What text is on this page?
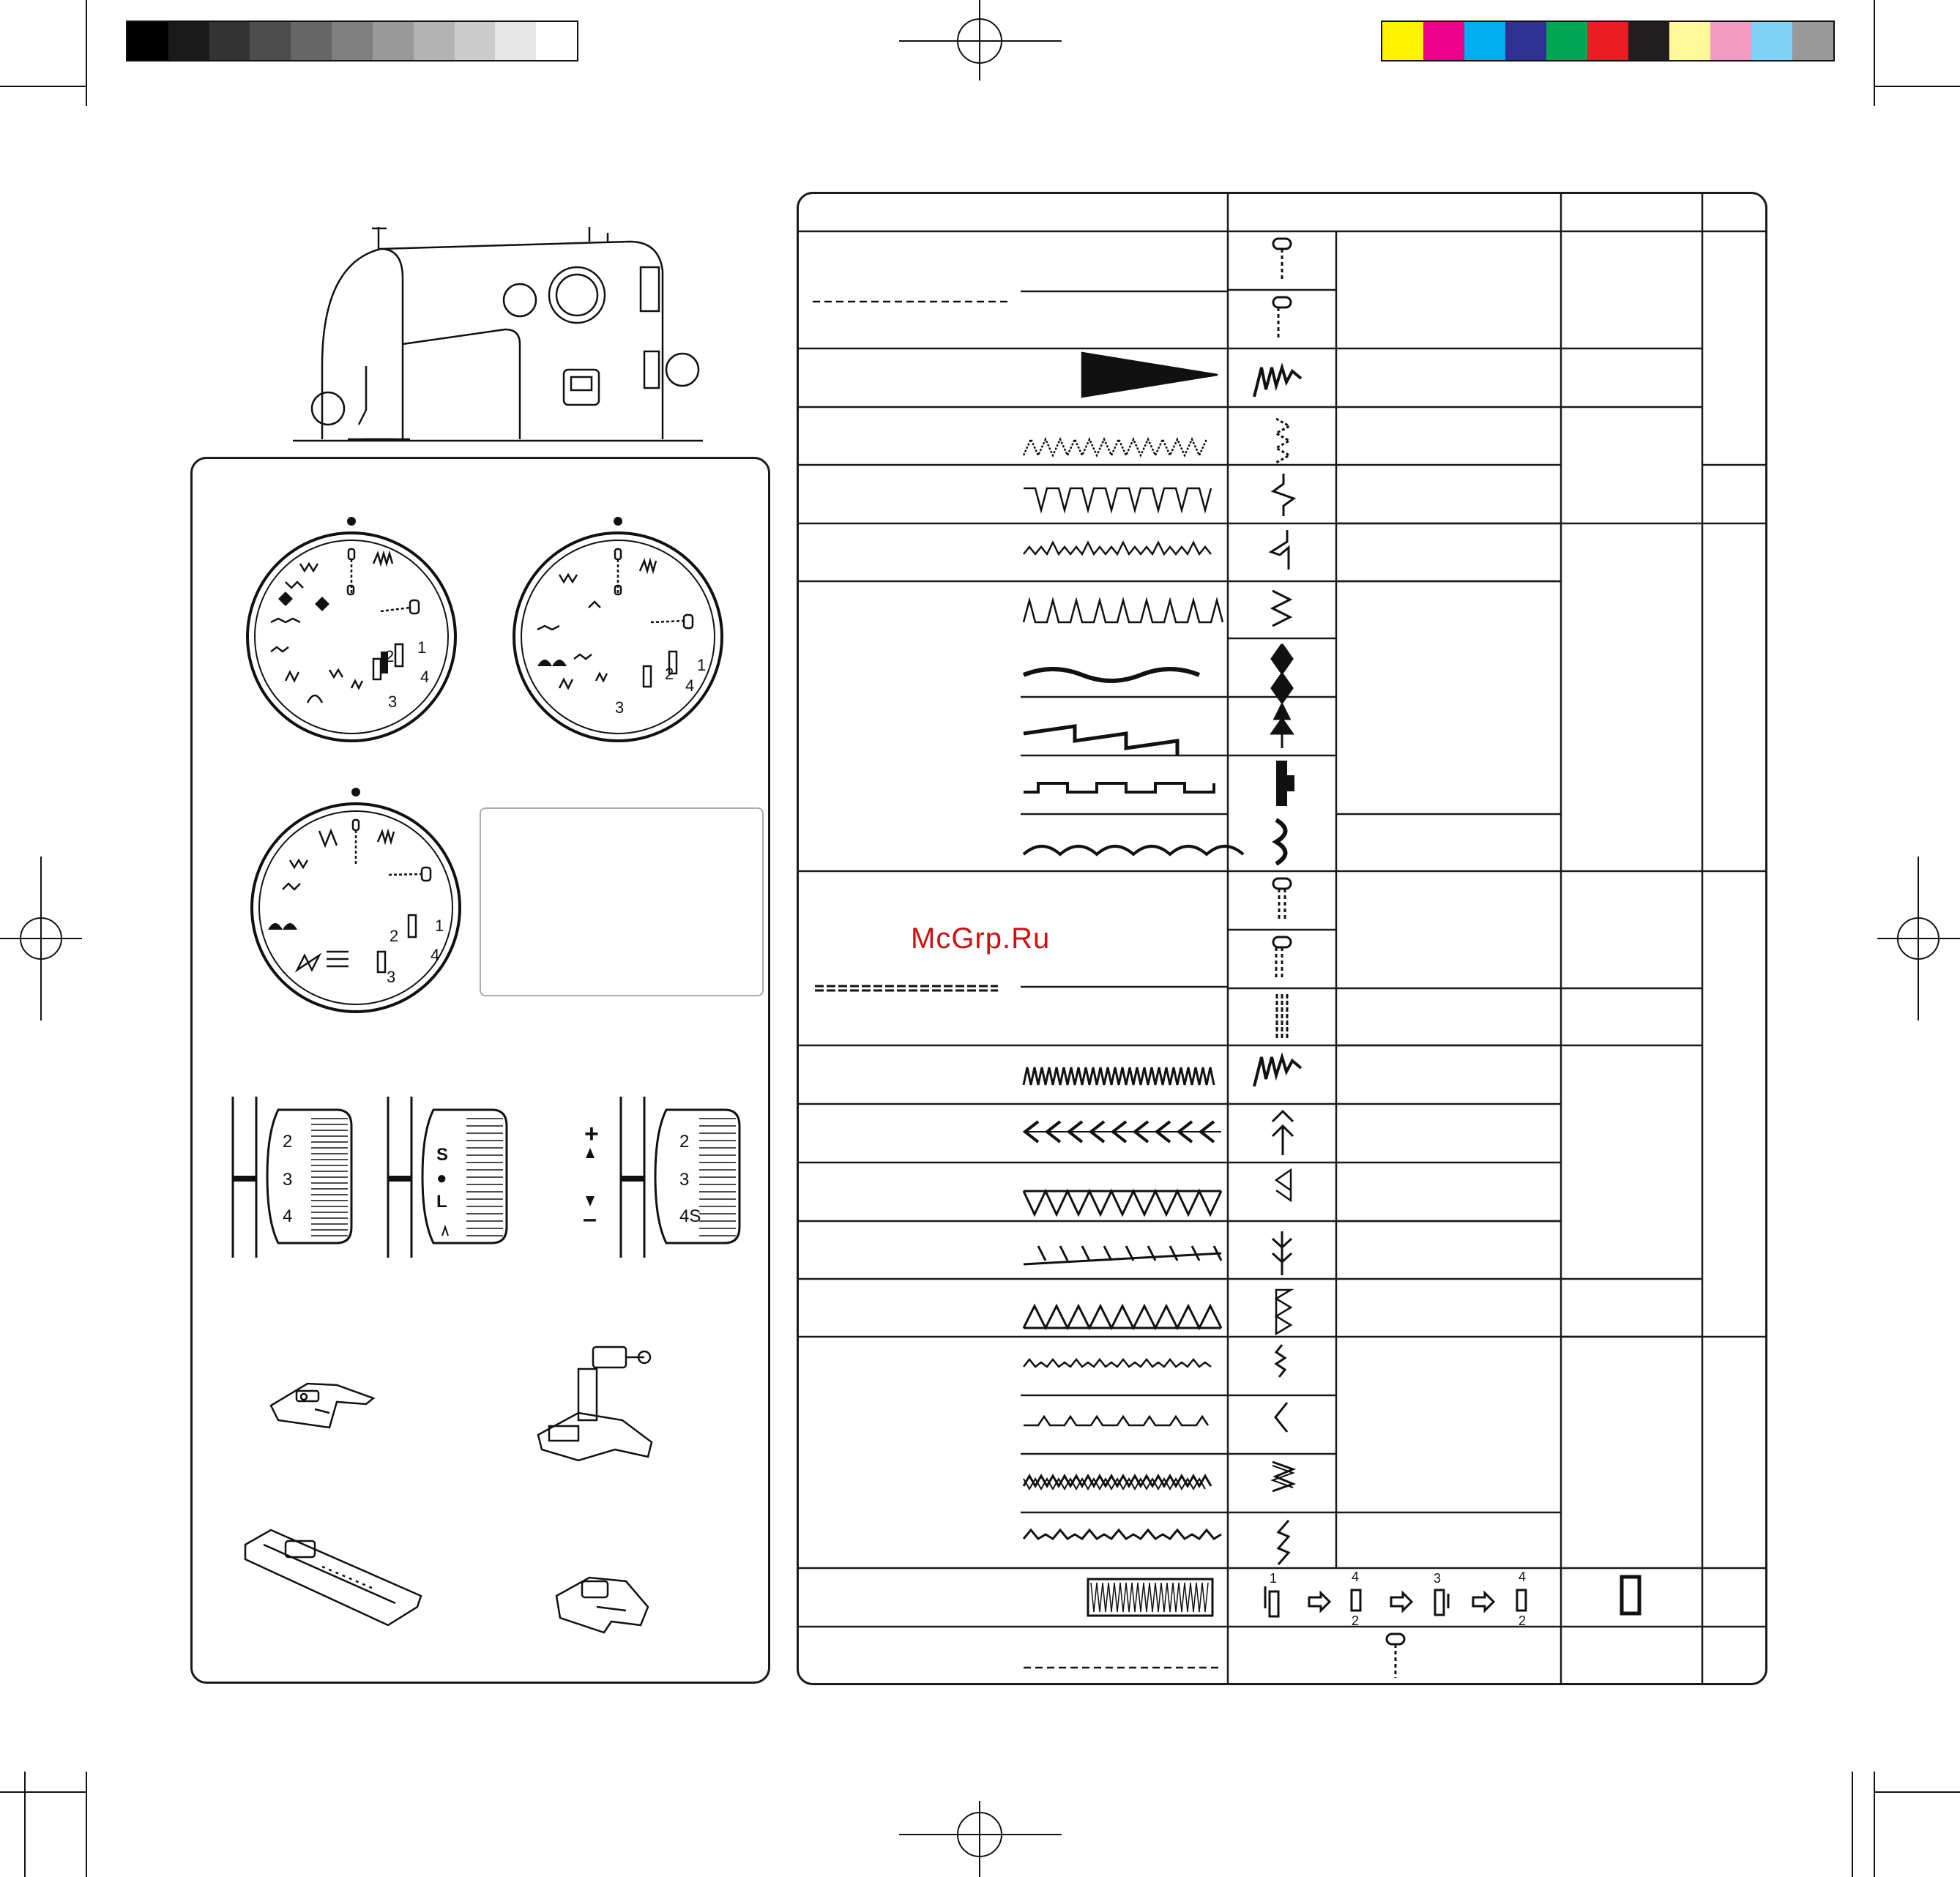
1
2
3
4
1
2
3
4
1
2
3
4
2
3
4
S
●
L
+
–
2
3
4S
1	4
2
3	4
2
McGrp.Ru
